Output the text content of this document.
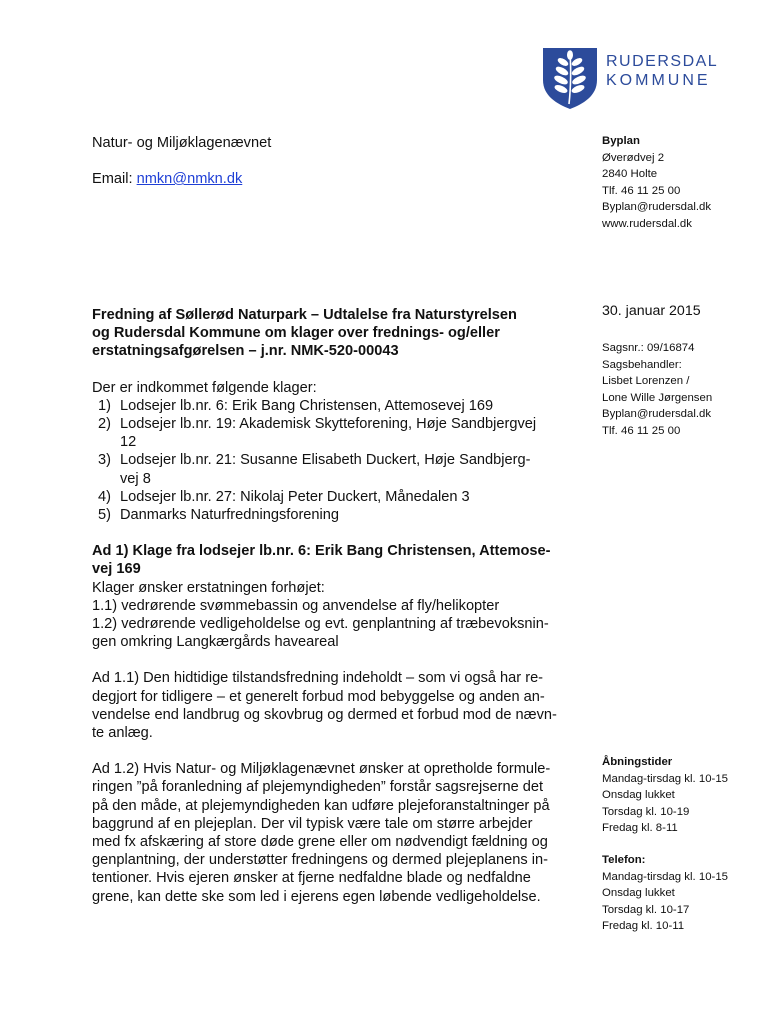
RUDERSDAL
KOMMUNE
Natur- og Miljøklagenævnet
Email: nmkn@nmkn.dk
Byplan
Øverødvej 2
2840 Holte
Tlf. 46 11 25 00
Byplan@rudersdal.dk
www.rudersdal.dk
30. januar 2015
Sagsnr.: 09/16874
Sagsbehandler:
Lisbet Lorenzen /
Lone Wille Jørgensen
Byplan@rudersdal.dk
Tlf. 46 11 25 00
Fredning af Søllerød Naturpark – Udtalelse fra Naturstyrelsen
og Rudersdal Kommune om klager over frednings- og/eller
erstatningsafgørelsen – j.nr. NMK-520-00043

Der er indkommet følgende klager:

1) Lodsejer lb.nr. 6: Erik Bang Christensen, Attemosevej 169
2) Lodsejer lb.nr. 19: Akademisk Skytteforening, Høje Sandbjergvej
12
3) Lodsejer lb.nr. 21: Susanne Elisabeth Duckert, Høje Sandbjerg-
vej 8
4) Lodsejer lb.nr. 27: Nikolaj Peter Duckert, Månedalen 3
5) Danmarks Naturfredningsforening
Ad 1) Klage fra lodsejer lb.nr. 6: Erik Bang Christensen, Attemose-
vej 169
Klager ønsker erstatningen forhøjet:
1.1) vedrørende svømmebassin og anvendelse af fly/helikopter
1.2) vedrørende vedligeholdelse og evt. genplantning af træbevoksnin-
gen omkring Langkærgårds haveareal
Ad 1.1) Den hidtidige tilstandsfredning indeholdt – som vi også har re-
degjort for tidligere – et generelt forbud mod bebyggelse og anden an-
vendelse end landbrug og skovbrug og dermed et forbud mod de nævn-
te anlæg.
Ad 1.2) Hvis Natur- og Miljøklagenævnet ønsker at opretholde formule-
ringen ”på foranledning af plejemyndigheden” forstår sagsrejserne det
på den måde, at plejemyndigheden kan udføre plejeforanstaltninger på
baggrund af en plejeplan. Der vil typisk være tale om større arbejder
med fx afskæring af store døde grene eller om nødvendigt fældning og
genplantning, der understøtter fredningens og dermed plejeplanens in-
tentioner. Hvis ejeren ønsker at fjerne nedfaldne blade og nedfaldne
grene, kan dette ske som led i ejerens egen løbende vedligeholdelse.
Åbningstider
Mandag-tirsdag kl. 10-15
Onsdag lukket
Torsdag kl. 10-19
Fredag kl. 8-11
Telefon:
Mandag-tirsdag kl. 10-15
Onsdag lukket
Torsdag kl. 10-17
Fredag kl. 10-11
